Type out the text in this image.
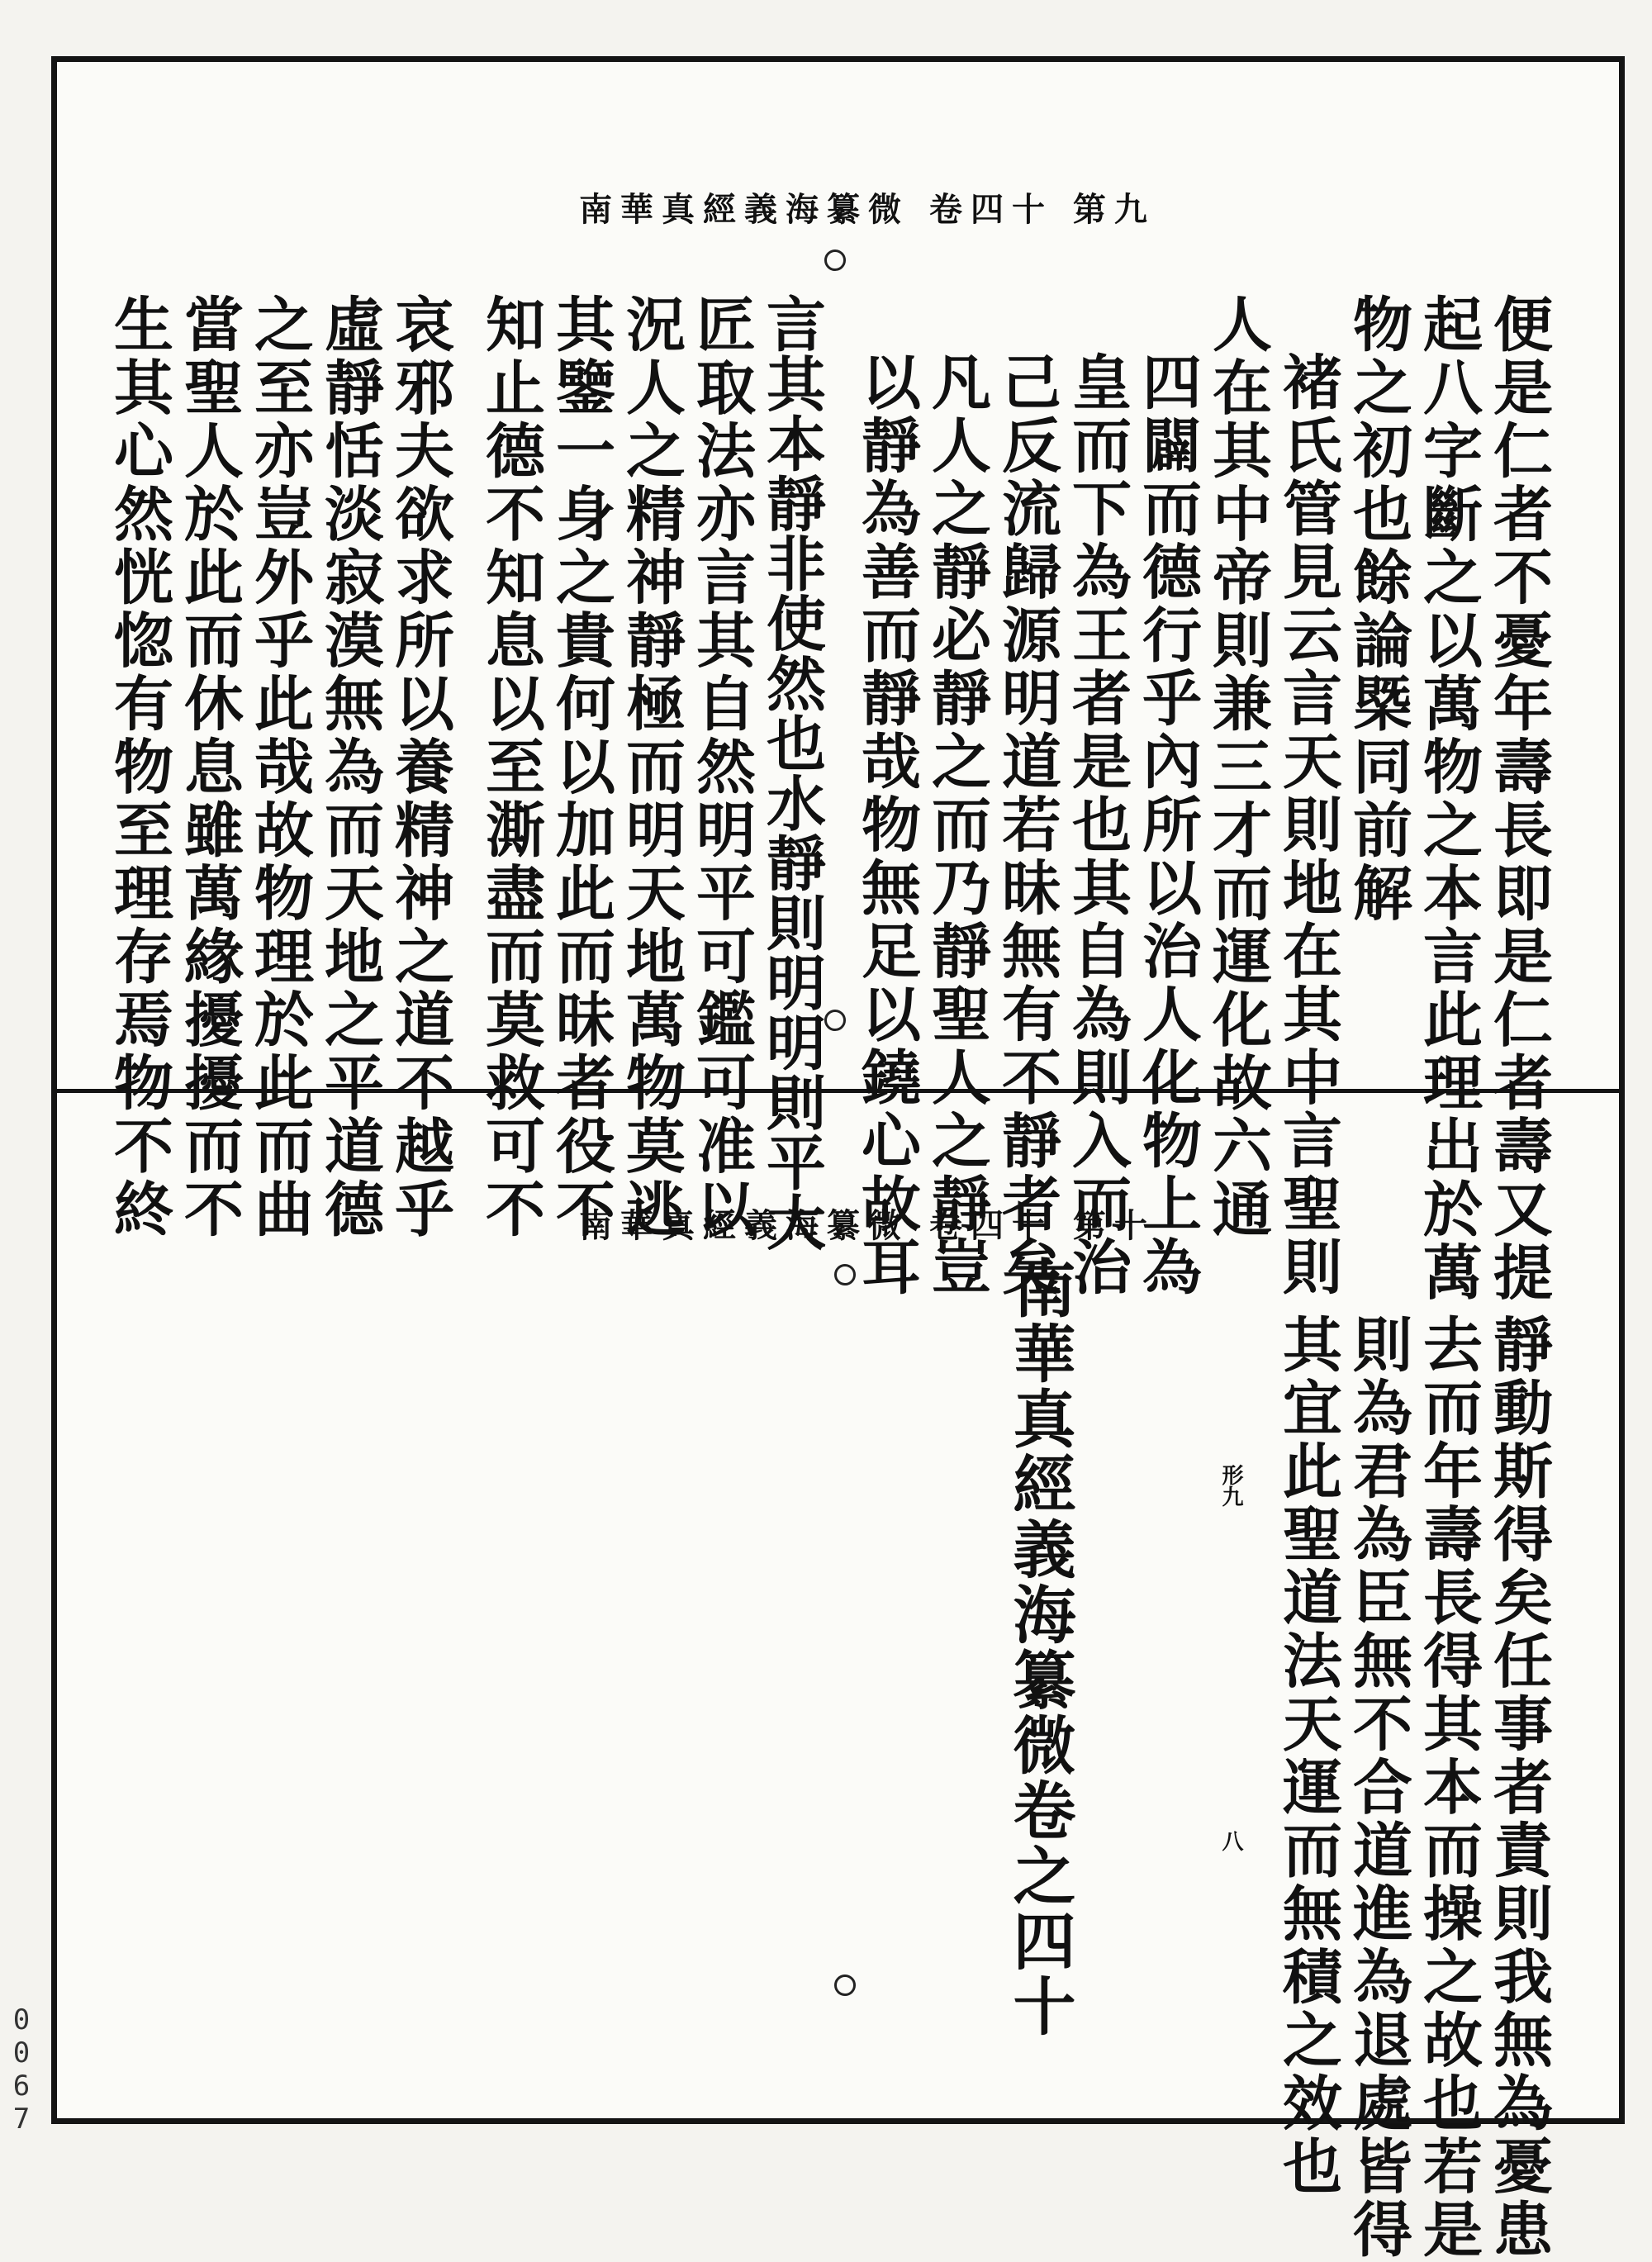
南華真經義海纂微 卷四十 第九
便是仁者不憂年壽長即是仁者壽又提
起八字斷之以萬物之本言此理出於萬
物之初也餘論槩同前解
褚氏管見云言天則地在其中言聖則
人在其中帝則兼三才而運化故六通
四闢而德行乎內所以治人化物上為
皇而下為王者是也其自為則入而治
己反流歸源明道若昧無有不靜者矣
凡人之靜必靜之而乃靜聖人之靜豈
以靜為善而靜哉物無足以鐃心故耳
言其本靜非使然也水靜則明明則平大
匠取法亦言其自然明平可鑑可准以
況人之精神靜極而明天地萬物莫逃
其鑒一身之貴何以加此而昧者役不
知止德不知息以至澌盡而莫救可不
哀邪夫欲求所以養精神之道不越乎
虛靜恬淡寂漠無為而天地之平道德
之至亦豈外乎此哉故物理於此而曲
當聖人於此而休息雖萬緣擾擾而不
生其心然恍惚有物至理存焉物不終	南華真經義海纂微 卷四十 第十
靜動斯得矣任事者責則我無為憂患
去而年壽長得其本而操之故也若是
則為君為臣無不合道進為退處皆得
其宜此聖道法天運而無積之效也
形九
八
南華真經義海纂微卷之四十
0067
